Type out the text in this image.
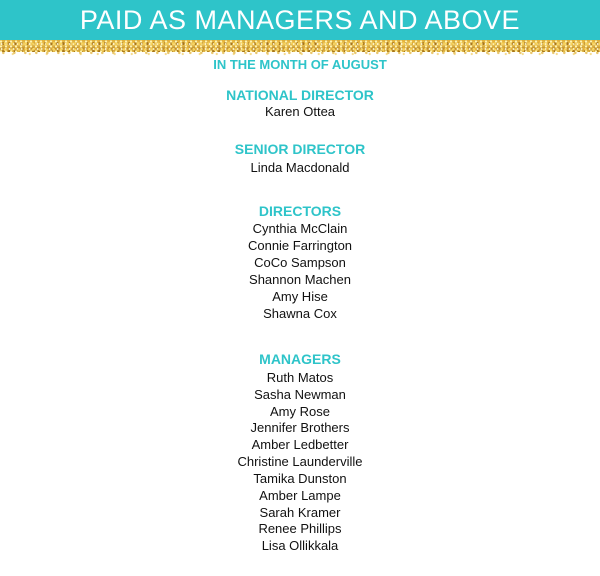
PAID AS MANAGERS AND ABOVE
IN THE MONTH OF AUGUST
NATIONAL DIRECTOR
Karen Ottea
SENIOR DIRECTOR
Linda Macdonald
DIRECTORS
Cynthia McClain
Connie Farrington
CoCo Sampson
Shannon Machen
Amy Hise
Shawna Cox
MANAGERS
Ruth Matos
Sasha Newman
Amy Rose
Jennifer Brothers
Amber Ledbetter
Christine Launderville
Tamika Dunston
Amber Lampe
Sarah Kramer
Renee Phillips
Lisa Ollikkala
